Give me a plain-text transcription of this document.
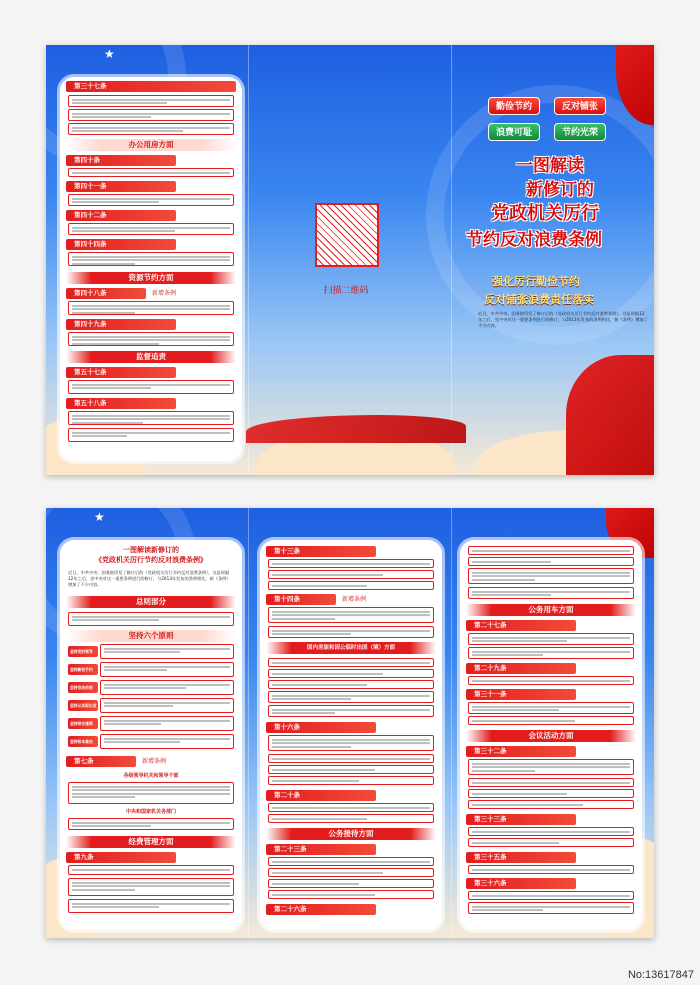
★
第三十七条
办公用房方面
第四十条
第四十一条
第四十二条
第四十四条
资源节约方面
第四十八条	新增条例
第四十九条
监督追责
第五十七条
第五十八条
扫描二维码
勤俭节约	反对铺张
浪费可耻	节约光荣
一图解读
新修订的
党政机关厉行
节约反对浪费条例
强化厉行勤俭节约
反对铺张浪费责任落实
近日，中共中央、国务院印发了修订后的《党政机关厉行节约反对浪费条例》。这是时隔12年之后，党中央对这一重要条例进行的修订，与2013年发布的条例相比，新《条例》增加了不少内容。
★
一图解读新修订的
《党政机关厉行节约反对浪费条例》
近日，中共中央、国务院印发了修订后的《党政机关厉行节约反对浪费条例》，这是时隔12年之后，党中央对这一重要条例进行的修订，与2013年发布的条例相比，新《条例》增加了不少内容。
总则部分
坚持六个原则
坚持党的领导
坚持勤俭节约
坚持依法依规
坚持从实际出发
坚持综合施策
坚持标本兼治
第七条	新增条例
各级领导机关和领导干部
中央和国家机关各部门
经费管理方面
第九条
第十三条
第十四条	新增条例
国内差旅和因公临时出国（境）方面
第十六条
第二十条
公务接待方面
第二十三条
第二十六条
公务用车方面
第二十七条
第二十九条
第三十一条
会议活动方面
第三十二条
第三十三条
第三十五条
第三十六条
No:13617847
